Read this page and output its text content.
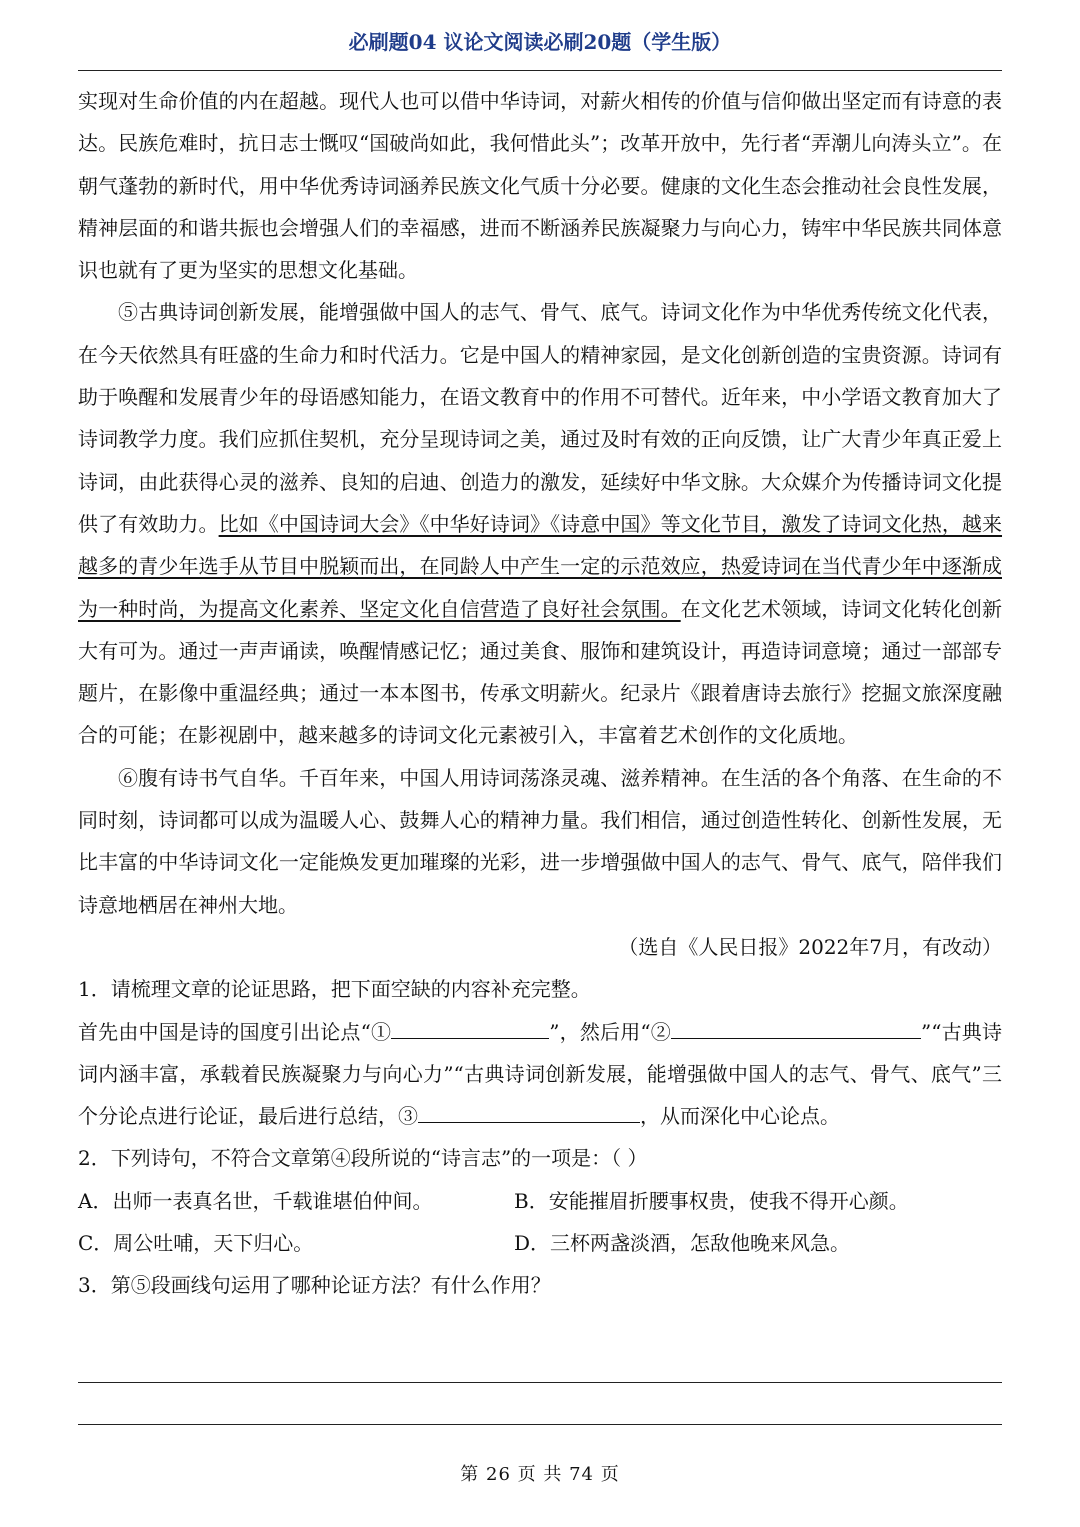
必刷题04 议论文阅读必刷20题（学生版）

实现对生命价值的内在超越。现代人也可以借中华诗词，对薪火相传的价值与信仰做出坚定而有诗意的表达。民族危难时，抗日志士慨叹“国破尚如此，我何惜此头”；改革开放中，先行者“弄潮儿向涛头立”。在朝气蓬勃的新时代，用中华优秀诗词涵养民族文化气质十分必要。健康的文化生态会推动社会良性发展，精神层面的和谐共振也会增强人们的幸福感，进而不断涵养民族凝聚力与向心力，铸牢中华民族共同体意识也就有了更为坚实的思想文化基础。

⑤古典诗词创新发展，能增强做中国人的志气、骨气、底气。诗词文化作为中华优秀传统文化代表，在今天依然具有旺盛的生命力和时代活力。它是中国人的精神家园，是文化创新创造的宝贵资源。诗词有助于唤醒和发展青少年的母语感知能力，在语文教育中的作用不可替代。近年来，中小学语文教育加大了诗词教学力度。我们应抓住契机，充分呈现诗词之美，通过及时有效的正向反馈，让广大青少年真正爱上诗词，由此获得心灵的滋养、良知的启迪、创造力的激发，延续好中华文脉。大众媒介为传播诗词文化提供了有效助力。比如《中国诗词大会》《中华好诗词》《诗意中国》等文化节目，激发了诗词文化热，越来越多的青少年选手从节目中脱颖而出，在同龄人中产生一定的示范效应，热爱诗词在当代青少年中逐渐成为一种时尚，为提高文化素养、坚定文化自信营造了良好社会氛围。在文化艺术领域，诗词文化转化创新大有可为。通过一声声诵读，唤醒情感记忆；通过美食、服饰和建筑设计，再造诗词意境；通过一部部专题片，在影像中重温经典；通过一本本图书，传承文明薪火。纪录片《跟着唐诗去旅行》挖掘文旅深度融合的可能；在影视剧中，越来越多的诗词文化元素被引入，丰富着艺术创作的文化质地。

⑥腹有诗书气自华。千百年来，中国人用诗词荡涤灵魂、滋养精神。在生活的各个角落、在生命的不同时刻，诗词都可以成为温暖人心、鼓舞人心的精神力量。我们相信，通过创造性转化、创新性发展，无比丰富的中华诗词文化一定能焕发更加璀璨的光彩，进一步增强做中国人的志气、骨气、底气，陪伴我们诗意地栖居在神州大地。

（选自《人民日报》2022年7月，有改动）

1．请梳理文章的论证思路，把下面空缺的内容补充完整。

首先由中国是诗的国度引出论点“①	”，然后用“②	”“古典诗词内涵丰富，承载着民族凝聚力与向心力”“古典诗词创新发展，能增强做中国人的志气、骨气、底气”三个分论点进行论证，最后进行总结，③	，从而深化中心论点。

2．下列诗句，不符合文章第④段所说的“诗言志”的一项是：（ ）

A．出师一表真名世，千载谁堪伯仲间。	B．安能摧眉折腰事权贵，使我不得开心颜。
C．周公吐哺，天下归心。	D．三杯两盏淡酒，怎敌他晚来风急。

3．第⑤段画线句运用了哪种论证方法？有什么作用？

第 26 页 共 74 页
